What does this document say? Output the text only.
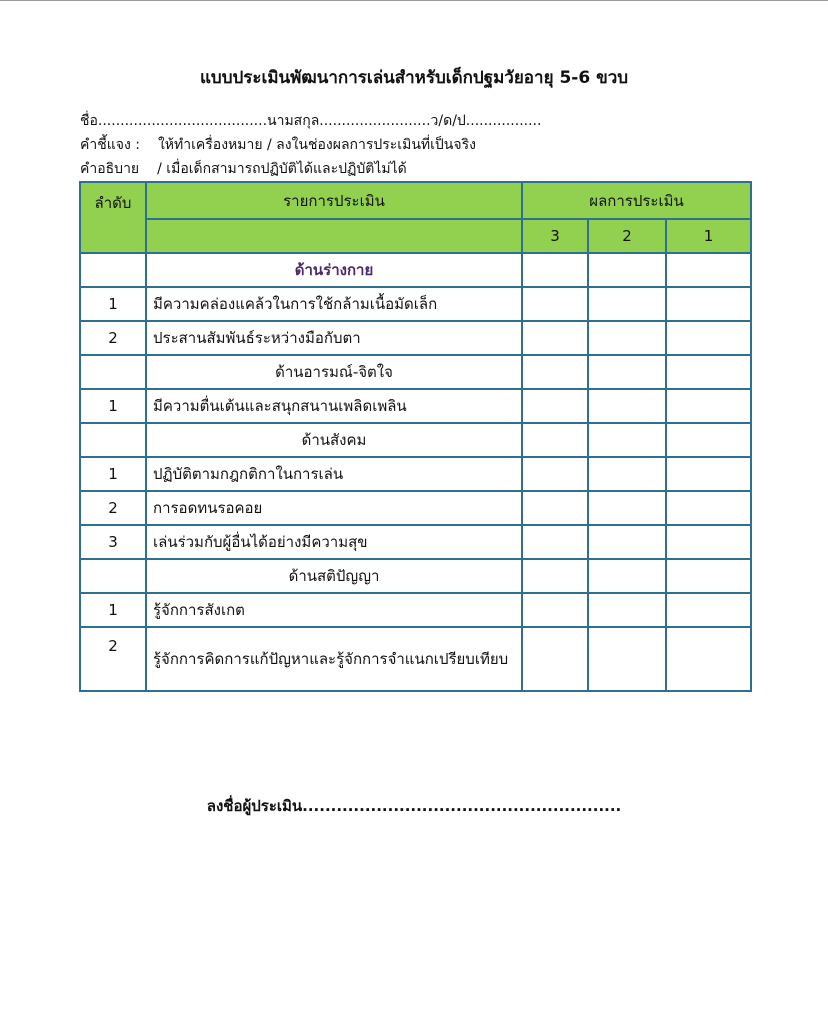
แบบประเมินพัฒนาการเล่นสำหรับเด็กปฐมวัยอายุ 5-6 ขวบ
ชื่อ......................................นามสกุล.........................ว/ด/ป.................
คำชี้แจง : ให้ทำเครื่องหมาย / ลงในช่องผลการประเมินที่เป็นจริง
คำอธิบาย / เมื่อเด็กสามารถปฏิบัติได้และปฏิบัติไม่ได้
ลำดับ	รายการประเมิน	ผลการประเมิน		
		3	2	1
	ด้านร่างกาย			
1	มีความคล่องแคล้วในการใช้กล้ามเนื้อมัดเล็ก			
2	ประสานสัมพันธ์ระหว่างมือกับตา			
	ด้านอารมณ์-จิตใจ			
1	มีความตื่นเต้นและสนุกสนานเพลิดเพลิน			
	ด้านสังคม			
1	ปฏิบัติตามกฎกติกาในการเล่น			
2	การอดทนรอคอย			
3	เล่นร่วมกับผู้อื่นได้อย่างมีความสุข			
	ด้านสติปัญญา			
1	รู้จักการสังเกต			
2	รู้จักการคิดการแก้ปัญหาและรู้จักการจำแนกเปรียบเทียบ			
ลงชื่อผู้ประเมิน........................................................
